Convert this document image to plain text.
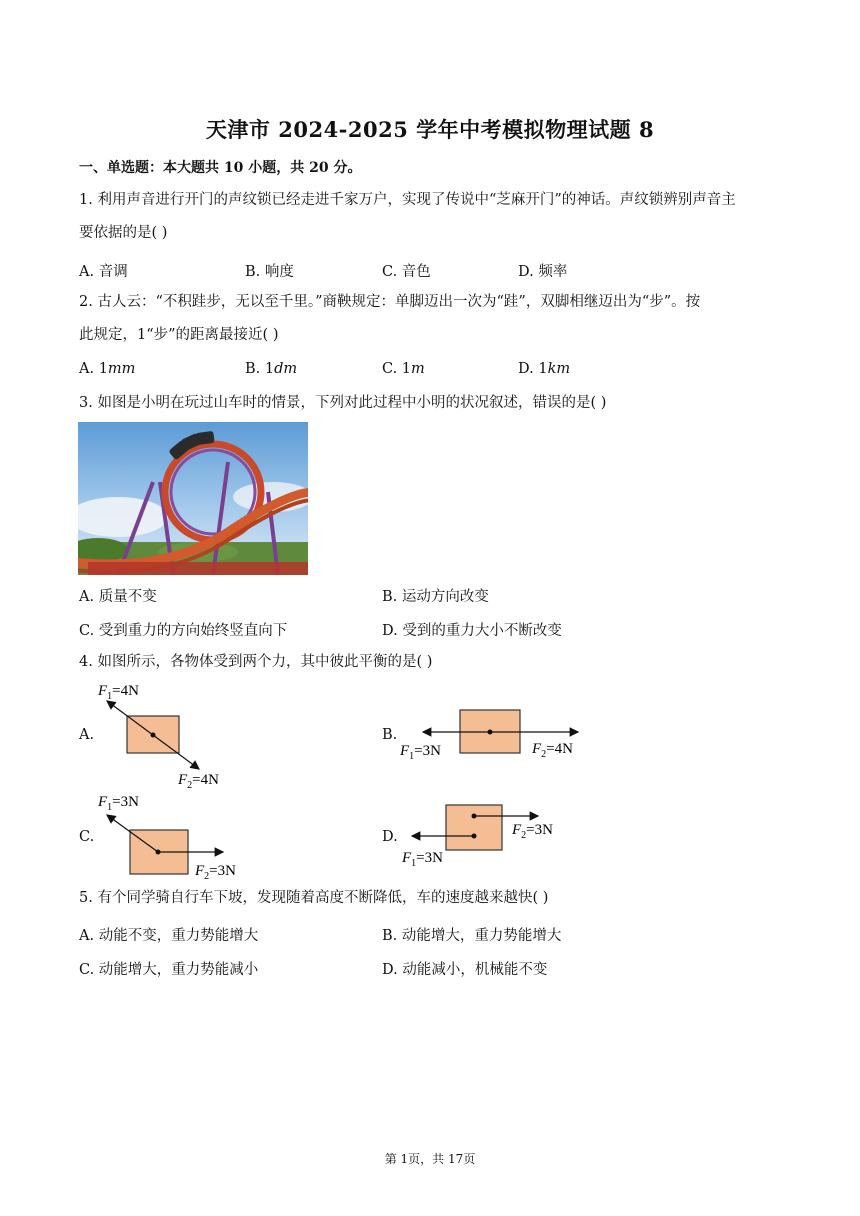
天津市 2024-2025 学年中考模拟物理试题 8
一、单选题：本大题共 10 小题，共 20 分。
1. 利用声音进行开门的声纹锁已经走进千家万户，实现了传说中“芝麻开门”的神话。声纹锁辨别声音主
要依据的是( )
A. 音调	B. 响度	C. 音色	D. 频率
2. 古人云：“不积跬步，无以至千里。”商鞅规定：单脚迈出一次为“跬”，双脚相继迈出为“步”。按
此规定，1“步”的距离最接近( )
A. 1mm	B. 1dm	C. 1m	D. 1km
3. 如图是小明在玩过山车时的情景，下列对此过程中小明的状况叙述，错误的是( )
A. 质量不变	B. 运动方向改变
C. 受到重力的方向始终竖直向下	D. 受到的重力大小不断改变
4. 如图所示，各物体受到两个力，其中彼此平衡的是( )
A.	B.
C.	D.
$F_1=4N$
$F_2=4N$
$F_1=3N$	$F_2=4N$
$F_1=3N$
$F_2=3N$
$F_1=3N$
$F_2=3N$
5. 有个同学骑自行车下坡，发现随着高度不断降低，车的速度越来越快( )
A. 动能不变，重力势能增大	B. 动能增大，重力势能增大
C. 动能增大，重力势能减小	D. 动能减小，机械能不变
第 1页，共 17页
